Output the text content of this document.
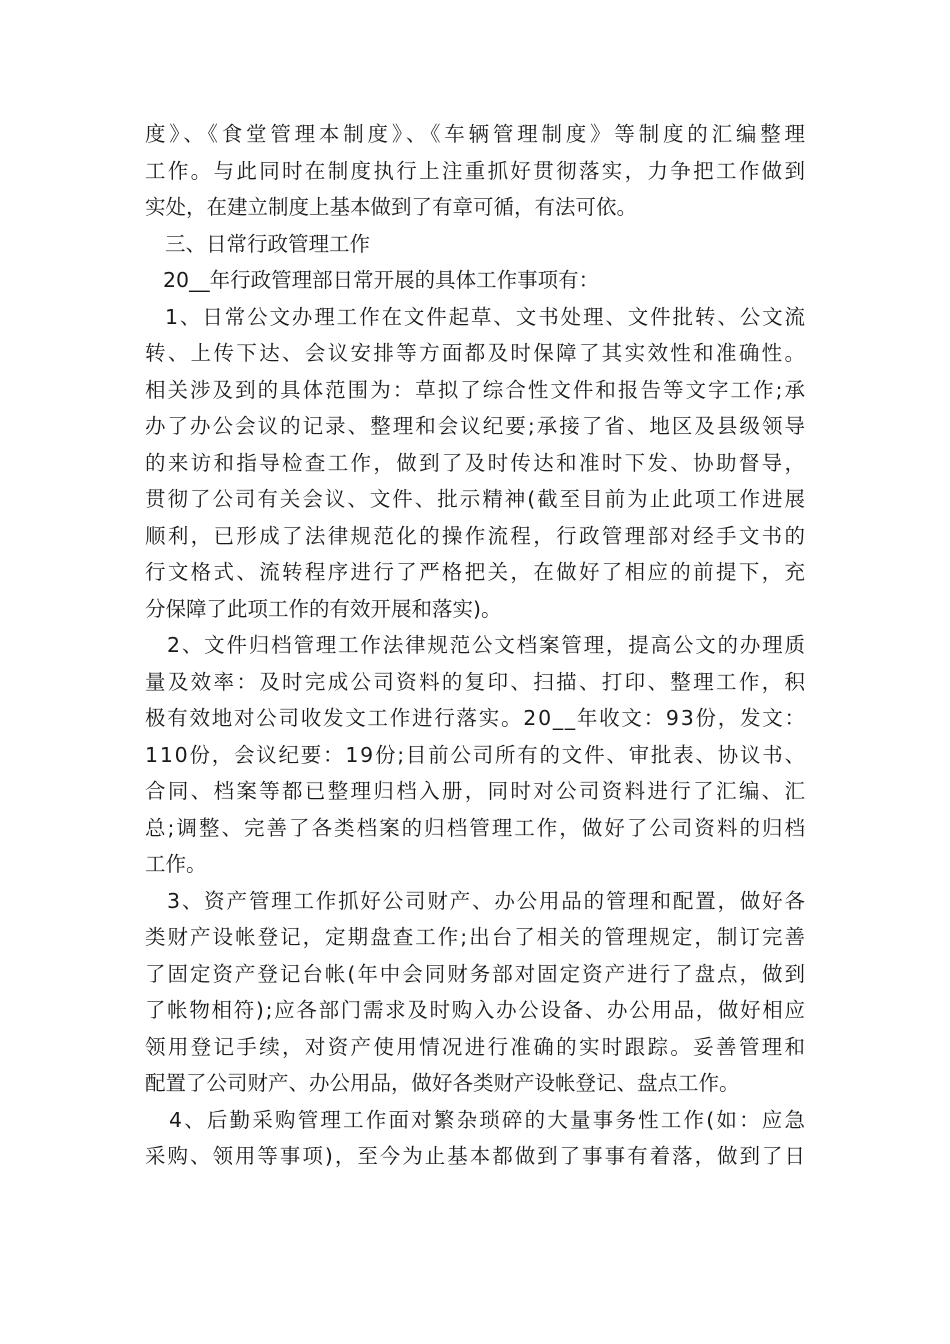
度》、《食堂管理本制度》、《车辆管理制度》等制度的汇编整理
工作。与此同时在制度执行上注重抓好贯彻落实，力争把工作做到
实处，在建立制度上基本做到了有章可循，有法可依。
三、日常行政管理工作
20__年行政管理部日常开展的具体工作事项有：
1、日常公文办理工作在文件起草、文书处理、文件批转、公文流
转、上传下达、会议安排等方面都及时保障了其实效性和准确性。
相关涉及到的具体范围为：草拟了综合性文件和报告等文字工作;承
办了办公会议的记录、整理和会议纪要;承接了省、地区及县级领导
的来访和指导检查工作，做到了及时传达和准时下发、协助督导，
贯彻了公司有关会议、文件、批示精神(截至目前为止此项工作进展
顺利，已形成了法律规范化的操作流程，行政管理部对经手文书的
行文格式、流转程序进行了严格把关，在做好了相应的前提下，充
分保障了此项工作的有效开展和落实)。
2、文件归档管理工作法律规范公文档案管理，提高公文的办理质
量及效率：及时完成公司资料的复印、扫描、打印、整理工作，积
极有效地对公司收发文工作进行落实。20__年收文：93份，发文：
110份，会议纪要：19份;目前公司所有的文件、审批表、协议书、
合同、档案等都已整理归档入册，同时对公司资料进行了汇编、汇
总;调整、完善了各类档案的归档管理工作，做好了公司资料的归档
工作。
3、资产管理工作抓好公司财产、办公用品的管理和配置，做好各
类财产设帐登记，定期盘查工作;出台了相关的管理规定，制订完善
了固定资产登记台帐(年中会同财务部对固定资产进行了盘点，做到
了帐物相符);应各部门需求及时购入办公设备、办公用品，做好相应
领用登记手续，对资产使用情况进行准确的实时跟踪。妥善管理和
配置了公司财产、办公用品，做好各类财产设帐登记、盘点工作。
4、后勤采购管理工作面对繁杂琐碎的大量事务性工作(如：应急
采购、领用等事项)，至今为止基本都做到了事事有着落，做到了日
